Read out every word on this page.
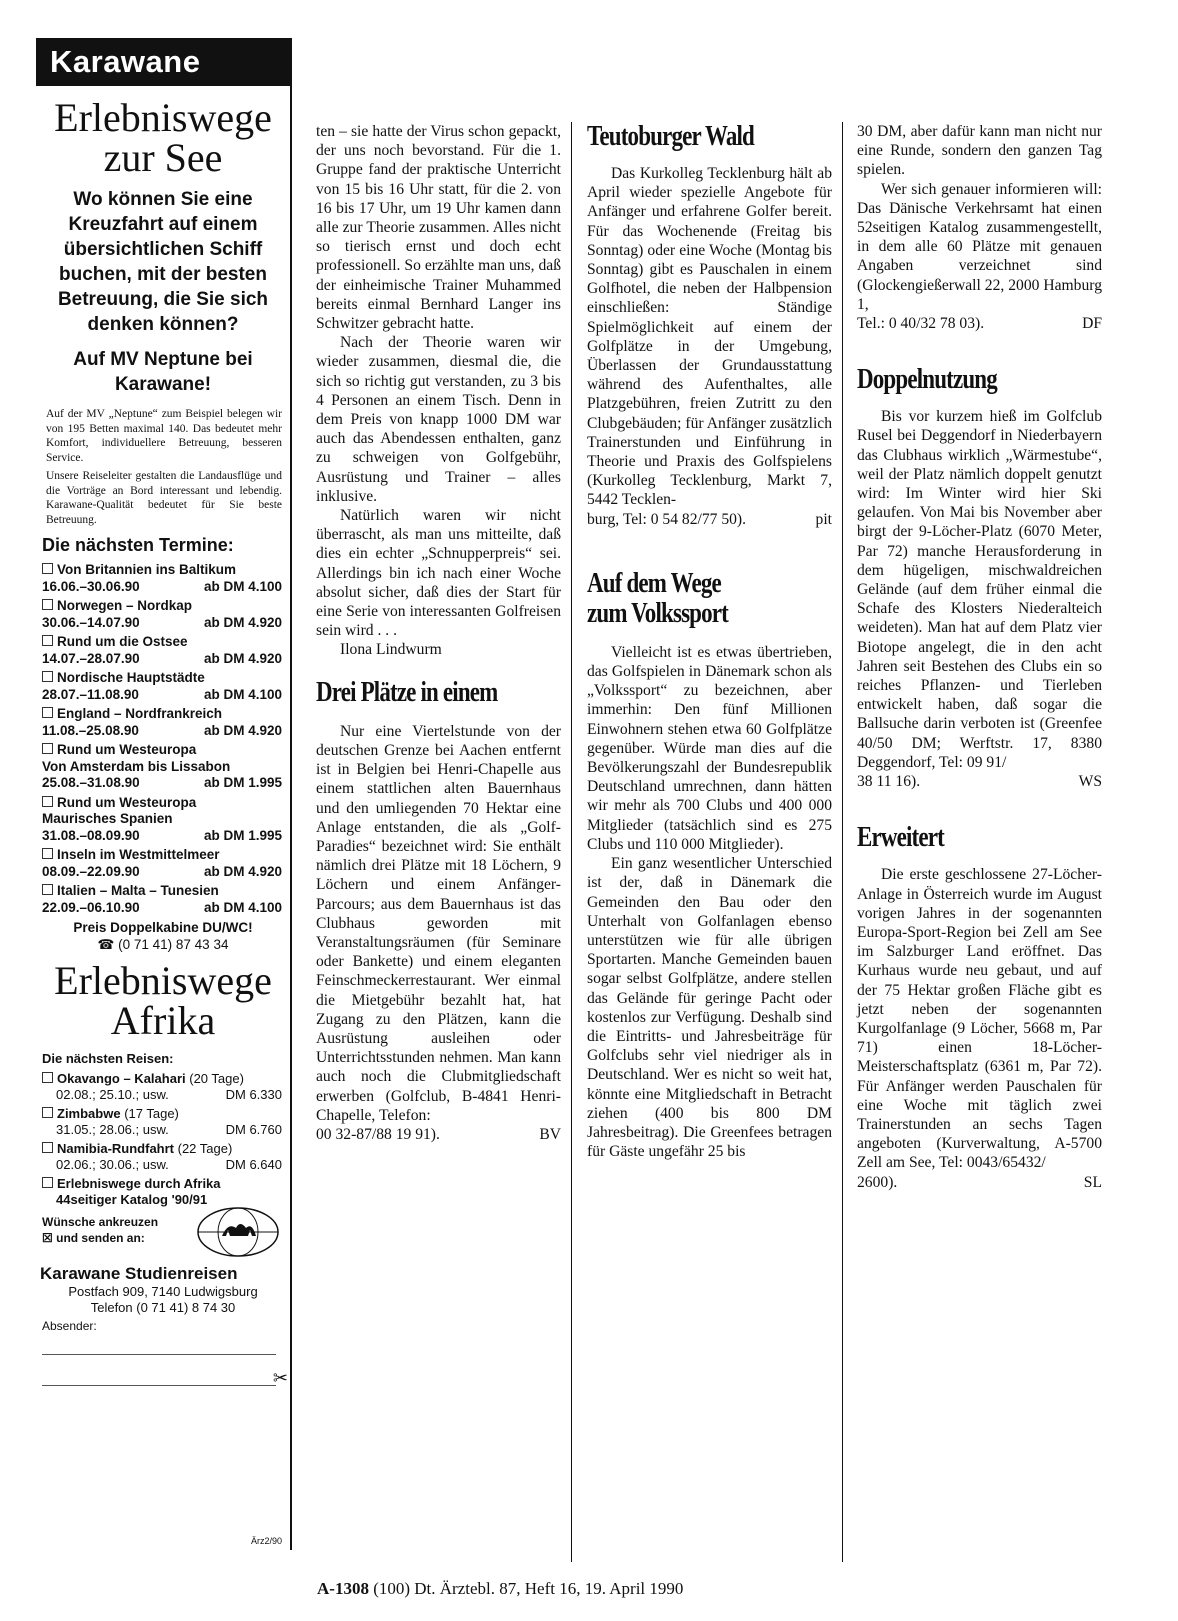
Karawane
Erlebniswege
zur See
Wo können Sie eine Kreuzfahrt auf einem übersichtlichen Schiff buchen, mit der besten Betreuung, die Sie sich denken können?
Auf MV Neptune bei Karawane!
Auf der MV „Neptune“ zum Beispiel belegen wir von 195 Betten maximal 140. Das bedeutet mehr Komfort, individuellere Betreuung, besseren Service.
Unsere Reiseleiter gestalten die Landausflüge und die Vorträge an Bord interessant und lebendig. Karawane-Qualität bedeutet für Sie beste Betreuung.
Die nächsten Termine:
Von Britannien ins Baltikum
16.06.–30.06.90	ab DM 4.100
Norwegen – Nordkap
30.06.–14.07.90	ab DM 4.920
Rund um die Ostsee
14.07.–28.07.90	ab DM 4.920
Nordische Hauptstädte
28.07.–11.08.90	ab DM 4.100
England – Nordfrankreich
11.08.–25.08.90	ab DM 4.920
Rund um Westeuropa
Von Amsterdam bis Lissabon
25.08.–31.08.90	ab DM 1.995
Rund um Westeuropa
Maurisches Spanien
31.08.–08.09.90	ab DM 1.995
Inseln im Westmittelmeer
08.09.–22.09.90	ab DM 4.920
Italien – Malta – Tunesien
22.09.–06.10.90	ab DM 4.100
Preis Doppelkabine DU/WC!
☎ (0 71 41) 87 43 34
Erlebniswege
Afrika
Die nächsten Reisen:
Okavango – Kalahari (20 Tage)
02.08.; 25.10.; usw.	DM 6.330
Zimbabwe (17 Tage)
31.05.; 28.06.; usw.	DM 6.760
Namibia-Rundfahrt (22 Tage)
02.06.; 30.06.; usw.	DM 6.640
Erlebniswege durch Afrika
44seitiger Katalog '90/91
Wünsche ankreuzen
☒ und senden an:
Karawane Studienreisen
Postfach 909, 7140 Ludwigsburg
Telefon (0 71 41) 8 74 30
Absender:
✂
Ärz2/90

ten – sie hatte der Virus schon gepackt, der uns noch bevorstand. Für die 1. Gruppe fand der praktische Unterricht von 15 bis 16 Uhr statt, für die 2. von 16 bis 17 Uhr, um 19 Uhr kamen dann alle zur Theorie zusammen. Alles nicht so tierisch ernst und doch echt professionell. So erzählte man uns, daß der einheimische Trainer Muhammed bereits einmal Bernhard Langer ins Schwitzer gebracht hatte.

Nach der Theorie waren wir wieder zusammen, diesmal die, die sich so richtig gut verstanden, zu 3 bis 4 Personen an einem Tisch. Denn in dem Preis von knapp 1000 DM war auch das Abendessen enthalten, ganz zu schweigen von Golfgebühr, Ausrüstung und Trainer – alles inklusive.

Natürlich waren wir nicht überrascht, als man uns mitteilte, daß dies ein echter „Schnupperpreis“ sei. Allerdings bin ich nach einer Woche absolut sicher, daß dies der Start für eine Serie von interessanten Golfreisen sein wird . . .

Ilona Lindwurm

Drei Plätze in einem

Nur eine Viertelstunde von der deutschen Grenze bei Aachen entfernt ist in Belgien bei Henri-Chapelle aus einem stattlichen alten Bauernhaus und den umliegenden 70 Hektar eine Anlage entstanden, die als „Golf-Paradies“ bezeichnet wird: Sie enthält nämlich drei Plätze mit 18 Löchern, 9 Löchern und einem Anfänger-Parcours; aus dem Bauernhaus ist das Clubhaus geworden mit Veranstaltungsräumen (für Seminare oder Bankette) und einem eleganten Feinschmeckerrestaurant. Wer einmal die Mietgebühr bezahlt hat, hat Zugang zu den Plätzen, kann die Ausrüstung ausleihen oder Unterrichtsstunden nehmen. Man kann auch noch die Clubmitgliedschaft erwerben (Golfclub, B-4841 Henri-Chapelle, Telefon:

00 32-87/88 19 91).	BV
Teutoburger Wald

Das Kurkolleg Tecklenburg hält ab April wieder spezielle Angebote für Anfänger und erfahrene Golfer bereit. Für das Wochenende (Freitag bis Sonntag) oder eine Woche (Montag bis Sonntag) gibt es Pauschalen in einem Golfhotel, die neben der Halbpension einschließen: Ständige Spielmöglichkeit auf einem der Golfplätze in der Umgebung, Überlassen der Grundausstattung während des Aufenthaltes, alle Platzgebühren, freien Zutritt zu den Clubgebäuden; für Anfänger zusätzlich Trainerstunden und Einführung in Theorie und Praxis des Golfspielens (Kurkolleg Tecklenburg, Markt 7, 5442 Tecklen-

burg, Tel: 0 54 82/77 50).	pit
Auf dem Wege
zum Volkssport

Vielleicht ist es etwas übertrieben, das Golfspielen in Dänemark schon als „Volkssport“ zu bezeichnen, aber immerhin: Den fünf Millionen Einwohnern stehen etwa 60 Golfplätze gegenüber. Würde man dies auf die Bevölkerungszahl der Bundesrepublik Deutschland umrechnen, dann hätten wir mehr als 700 Clubs und 400 000 Mitglieder (tatsächlich sind es 275 Clubs und 110 000 Mitglieder).

Ein ganz wesentlicher Unterschied ist der, daß in Dänemark die Gemeinden den Bau oder den Unterhalt von Golfanlagen ebenso unterstützen wie für alle übrigen Sportarten. Manche Gemeinden bauen sogar selbst Golfplätze, andere stellen das Gelände für geringe Pacht oder kostenlos zur Verfügung. Deshalb sind die Eintritts- und Jahresbeiträge für Golfclubs sehr viel niedriger als in Deutschland. Wer es nicht so weit hat, könnte eine Mitgliedschaft in Betracht ziehen (400 bis 800 DM Jahresbeitrag). Die Greenfees betragen für Gäste ungefähr 25 bis

30 DM, aber dafür kann man nicht nur eine Runde, sondern den ganzen Tag spielen.

Wer sich genauer informieren will: Das Dänische Verkehrsamt hat einen 52seitigen Katalog zusammengestellt, in dem alle 60 Plätze mit genauen Angaben verzeichnet sind (Glockengießerwall 22, 2000 Hamburg 1,

Tel.: 0 40/32 78 03).	DF
Doppelnutzung

Bis vor kurzem hieß im Golfclub Rusel bei Deggendorf in Niederbayern das Clubhaus wirklich „Wärmestube“, weil der Platz nämlich doppelt genutzt wird: Im Winter wird hier Ski gelaufen. Von Mai bis November aber birgt der 9-Löcher-Platz (6070 Meter, Par 72) manche Herausforderung in dem hügeligen, mischwaldreichen Gelände (auf dem früher einmal die Schafe des Klosters Niederalteich weideten). Man hat auf dem Platz vier Biotope angelegt, die in den acht Jahren seit Bestehen des Clubs ein so reiches Pflanzen- und Tierleben entwickelt haben, daß sogar die Ballsuche darin verboten ist (Greenfee 40/50 DM; Werftstr. 17, 8380 Deggendorf, Tel: 09 91/

38 11 16).	WS
Erweitert

Die erste geschlossene 27-Löcher-Anlage in Österreich wurde im August vorigen Jahres in der sogenannten Europa-Sport-Region bei Zell am See im Salzburger Land eröffnet. Das Kurhaus wurde neu gebaut, und auf der 75 Hektar großen Fläche gibt es jetzt neben der sogenannten Kurgolfanlage (9 Löcher, 5668 m, Par 71) einen 18-Löcher-Meisterschaftsplatz (6361 m, Par 72). Für Anfänger werden Pauschalen für eine Woche mit täglich zwei Trainerstunden an sechs Tagen angeboten (Kurverwaltung, A-5700 Zell am See, Tel: 0043/65432/

2600).	SL
A-1308 (100) Dt. Ärztebl. 87, Heft 16, 19. April 1990
